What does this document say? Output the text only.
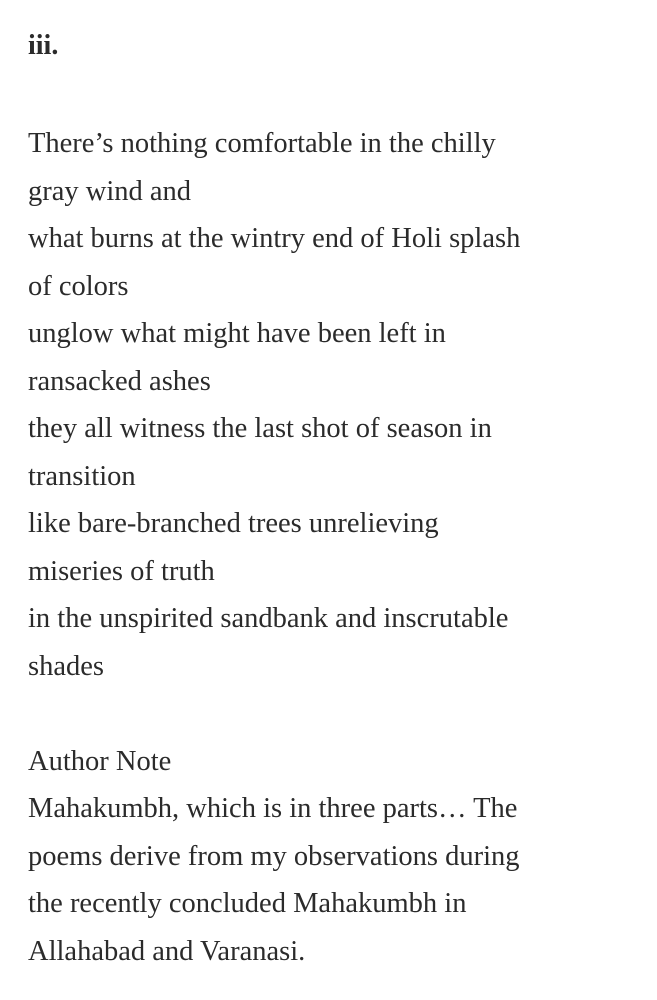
iii.
There’s nothing comfortable in the chilly
gray wind and
what burns at the wintry end of Holi splash
of colors
unglow what might have been left in
ransacked ashes
they all witness the last shot of season in
transition
like bare-branched trees unrelieving
miseries of truth
in the unspirited sandbank and inscrutable
shades
Author Note
Mahakumbh, which is in three parts… The
poems derive from my observations during
the recently concluded Mahakumbh in
Allahabad and Varanasi.
